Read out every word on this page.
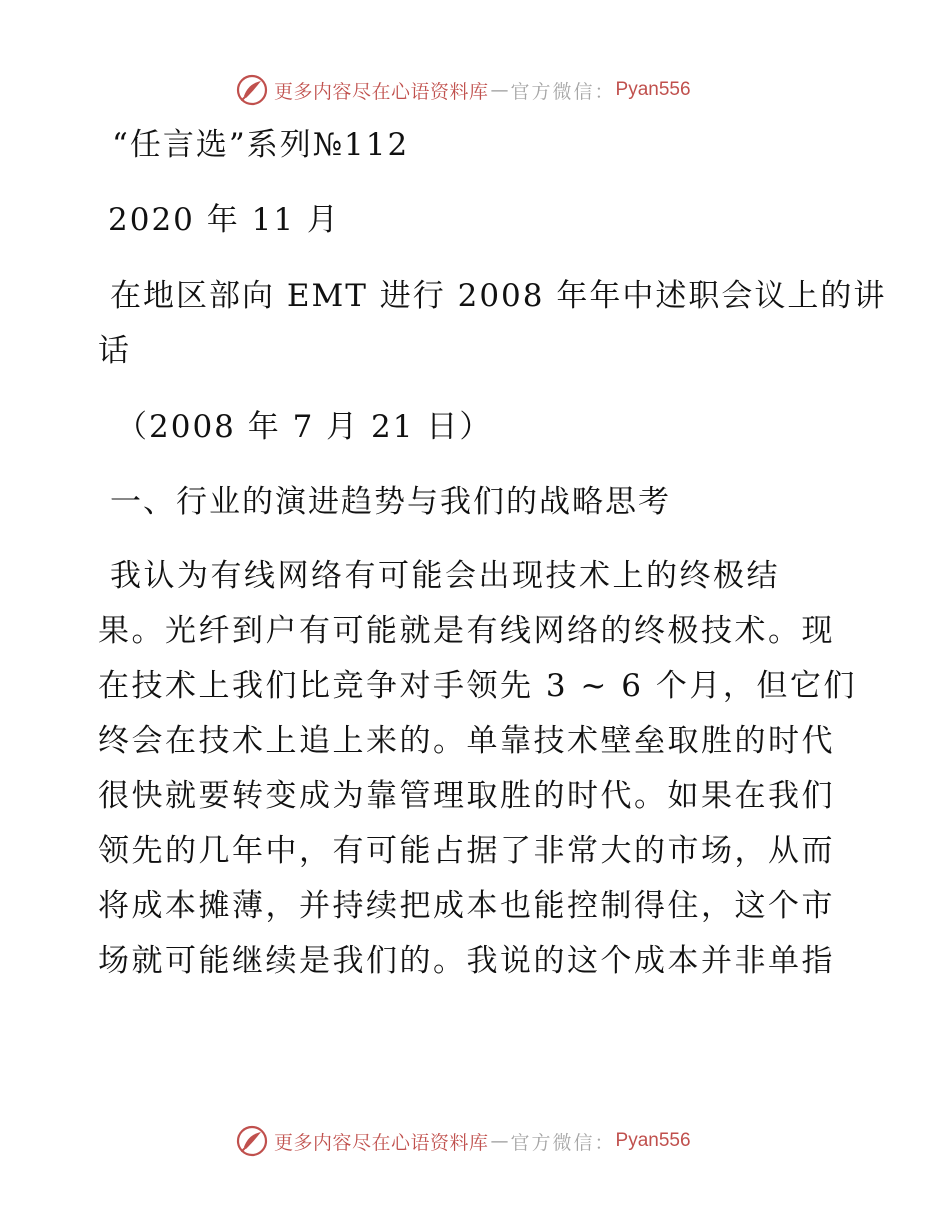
更多内容尽在心语资料库 — 官方微信： Pyan556
“任言选”系列№112
2020 年 11 月
在地区部向 EMT 进行 2008 年年中述职会议上的讲
话
（2008 年 7 月 21 日）
一、行业的演进趋势与我们的战略思考
我认为有线网络有可能会出现技术上的终极结
果。光纤到户有可能就是有线网络的终极技术。现
在技术上我们比竞争对手领先 3 ~ 6 个月，但它们
终会在技术上追上来的。单靠技术壁垒取胜的时代
很快就要转变成为靠管理取胜的时代。如果在我们
领先的几年中，有可能占据了非常大的市场，从而
将成本摊薄，并持续把成本也能控制得住，这个市
场就可能继续是我们的。我说的这个成本并非单指
更多内容尽在心语资料库 — 官方微信： Pyan556
